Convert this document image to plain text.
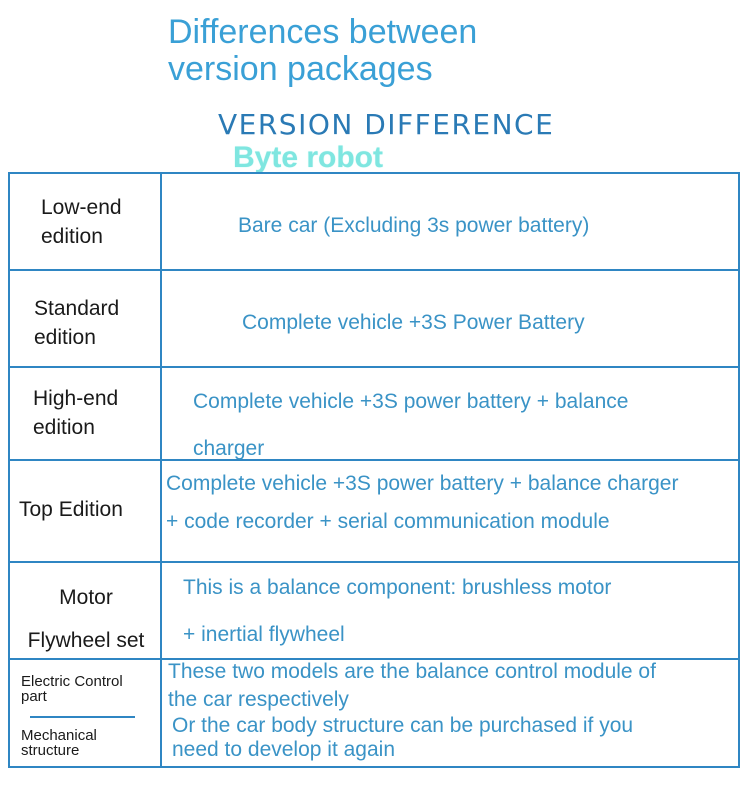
Differences between
version packages
VERSION DIFFERENCE
Byte robot
Low-end
edition	Bare car (Excluding 3s power battery)
Standard
edition
Complete vehicle +3S Power Battery
High-end
edition
Complete vehicle +3S power battery + balance
charger
Top Edition
Complete vehicle +3S power battery + balance charger
+ code recorder + serial communication module
Motor
Flywheel set
This is a balance component: brushless motor
+ inertial flywheel
Electric Control
part
Mechanical
structure
These two models are the balance control module of
the car respectively
Or the car body structure can be purchased if you
need to develop it again
